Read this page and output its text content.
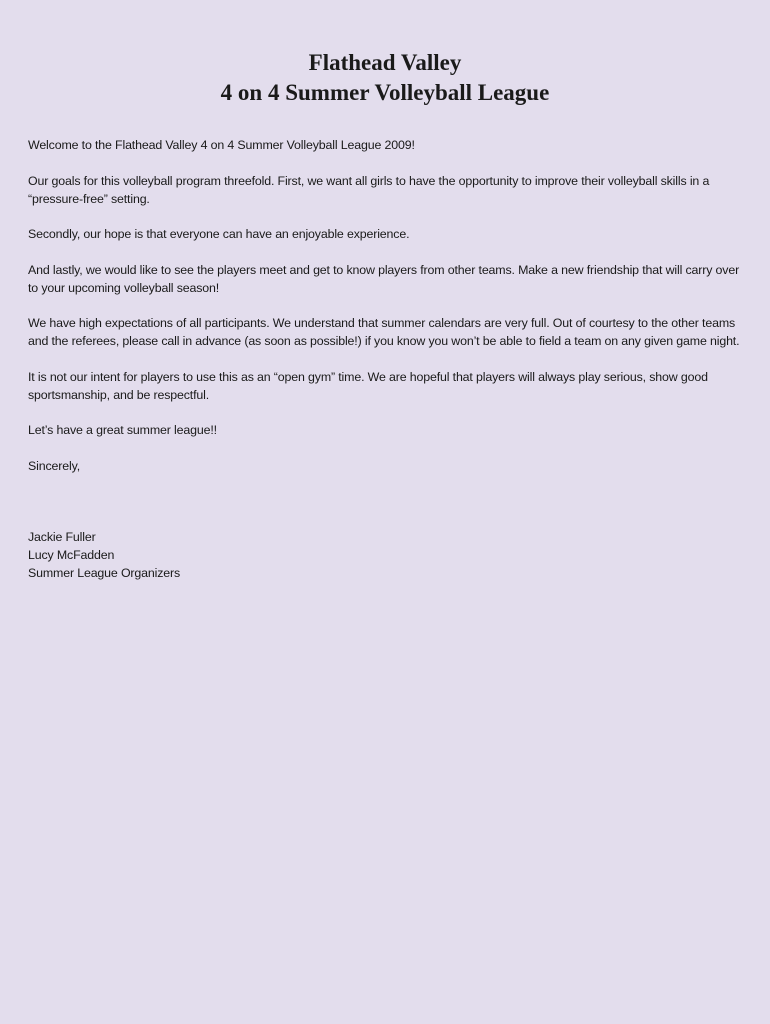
Flathead Valley
4 on 4 Summer Volleyball League

Welcome to the Flathead Valley 4 on 4 Summer Volleyball League 2009!

Our goals for this volleyball program threefold. First, we want all girls to have the opportunity to improve their volleyball skills in a “pressure-free” setting.

Secondly, our hope is that everyone can have an enjoyable experience.

And lastly, we would like to see the players meet and get to know players from other teams. Make a new friendship that will carry over to your upcoming volleyball season!

We have high expectations of all participants. We understand that summer calendars are very full. Out of courtesy to the other teams and the referees, please call in advance (as soon as possible!) if you know you won’t be able to field a team on any given game night.

It is not our intent for players to use this as an “open gym” time. We are hopeful that players will always play serious, show good sportsmanship, and be respectful.

Let’s have a great summer league!!

Sincerely,

Jackie Fuller
Lucy McFadden
Summer League Organizers
